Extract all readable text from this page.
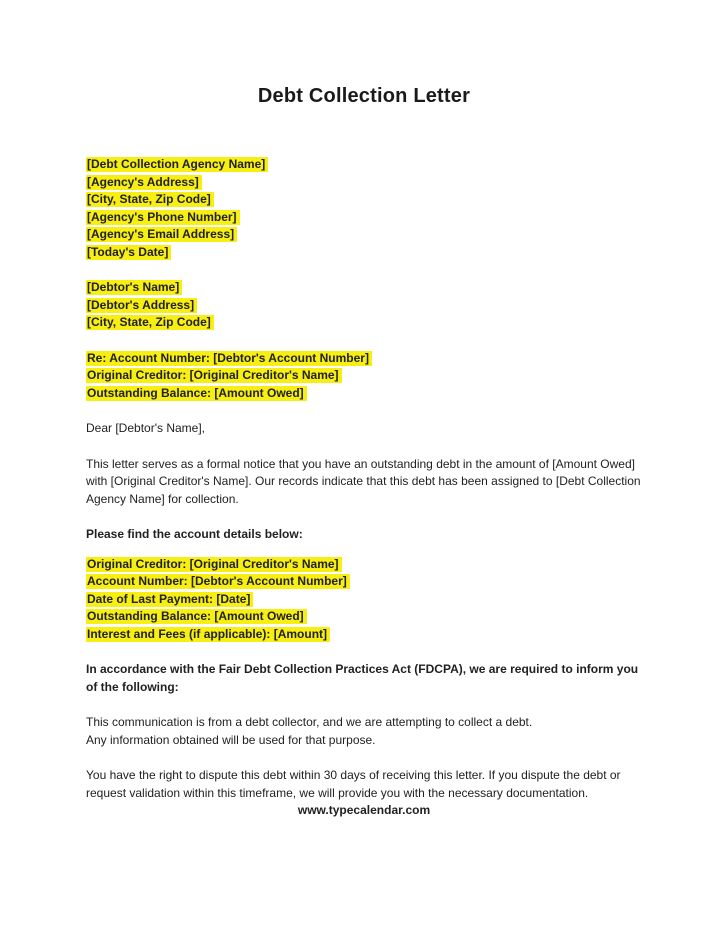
Debt Collection Letter
[Debt Collection Agency Name]
[Agency's Address]
[City, State, Zip Code]
[Agency's Phone Number]
[Agency's Email Address]
[Today's Date]
[Debtor's Name]
[Debtor's Address]
[City, State, Zip Code]
Re: Account Number: [Debtor's Account Number]
Original Creditor: [Original Creditor's Name]
Outstanding Balance: [Amount Owed]

Dear [Debtor's Name],

This letter serves as a formal notice that you have an outstanding debt in the amount of [Amount Owed] with [Original Creditor's Name]. Our records indicate that this debt has been assigned to [Debt Collection Agency Name] for collection.

Please find the account details below:

Original Creditor: [Original Creditor's Name]
Account Number: [Debtor's Account Number]
Date of Last Payment: [Date]
Outstanding Balance: [Amount Owed]
Interest and Fees (if applicable): [Amount]

In accordance with the Fair Debt Collection Practices Act (FDCPA), we are required to inform you of the following:

This communication is from a debt collector, and we are attempting to collect a debt.
Any information obtained will be used for that purpose.

You have the right to dispute this debt within 30 days of receiving this letter. If you dispute the debt or request validation within this timeframe, we will provide you with the necessary documentation.

www.typecalendar.com
